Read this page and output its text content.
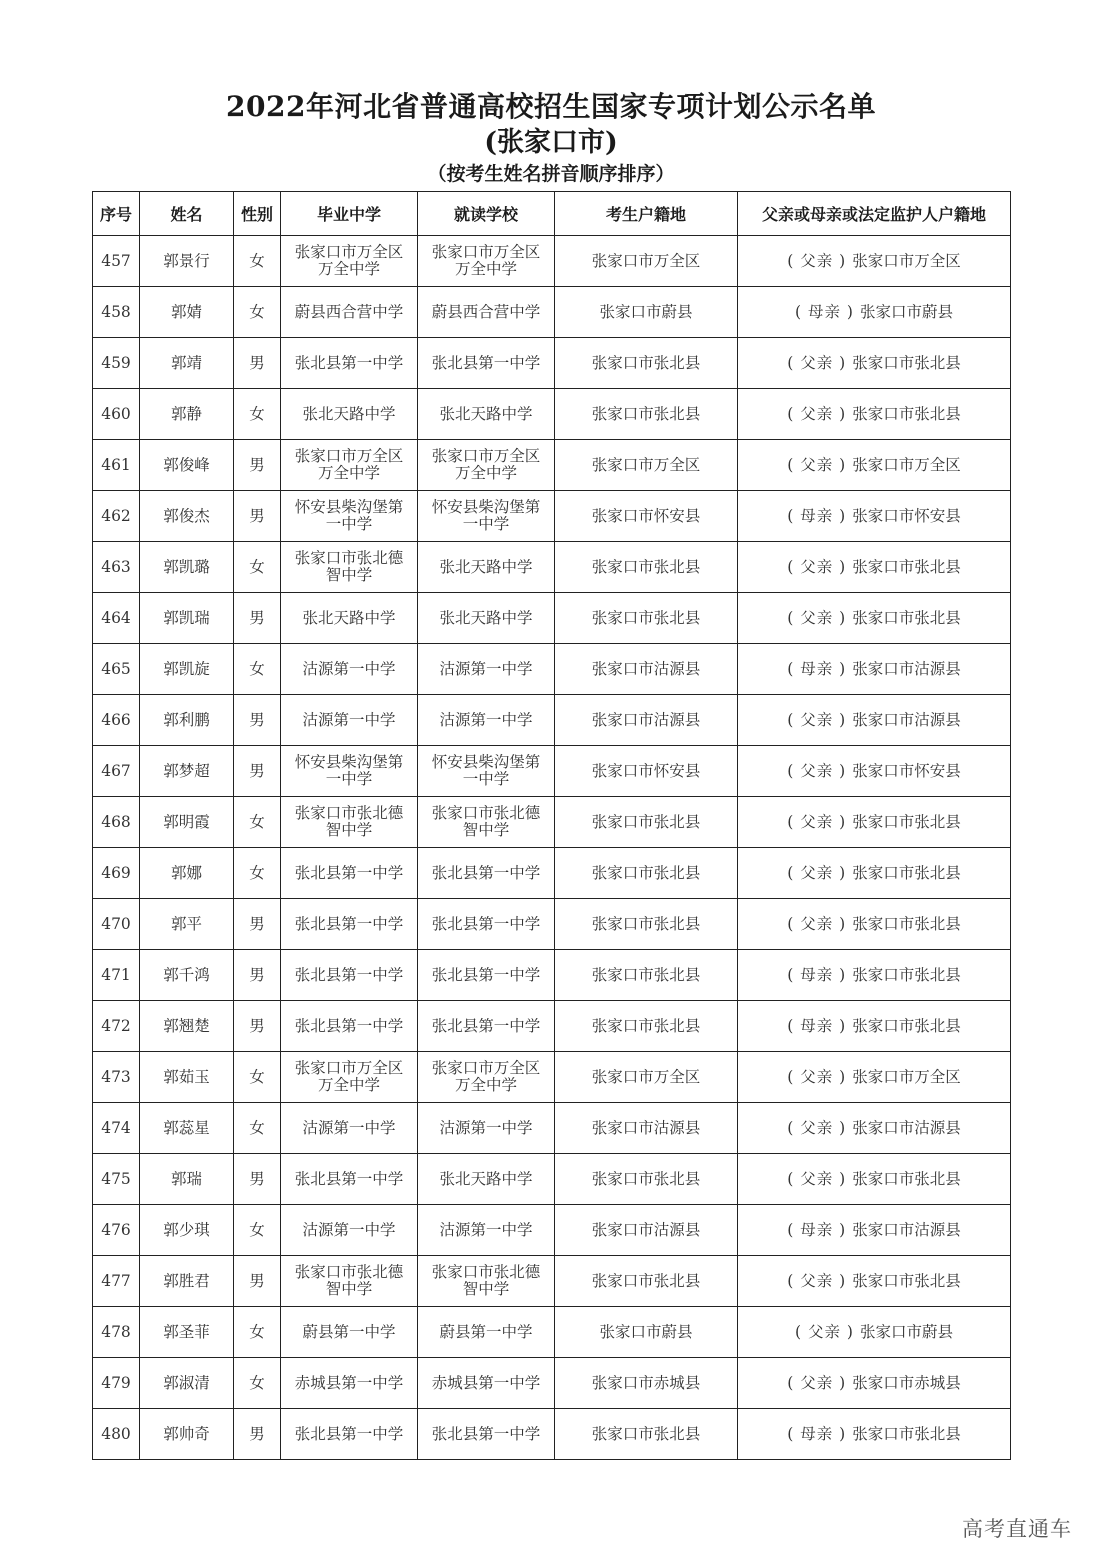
2022年河北省普通高校招生国家专项计划公示名单
(张家口市)
（按考生姓名拼音顺序排序）
序号	姓名	性别	毕业中学	就读学校	考生户籍地	父亲或母亲或法定监护人户籍地
457	郭景行	女	张家口市万全区万全中学	张家口市万全区万全中学	张家口市万全区	( 父亲 ) 张家口市万全区
458	郭婧	女	蔚县西合营中学	蔚县西合营中学	张家口市蔚县	( 母亲 ) 张家口市蔚县
459	郭靖	男	张北县第一中学	张北县第一中学	张家口市张北县	( 父亲 ) 张家口市张北县
460	郭静	女	张北天路中学	张北天路中学	张家口市张北县	( 父亲 ) 张家口市张北县
461	郭俊峰	男	张家口市万全区万全中学	张家口市万全区万全中学	张家口市万全区	( 父亲 ) 张家口市万全区
462	郭俊杰	男	怀安县柴沟堡第一中学	怀安县柴沟堡第一中学	张家口市怀安县	( 母亲 ) 张家口市怀安县
463	郭凯璐	女	张家口市张北德智中学	张北天路中学	张家口市张北县	( 父亲 ) 张家口市张北县
464	郭凯瑞	男	张北天路中学	张北天路中学	张家口市张北县	( 父亲 ) 张家口市张北县
465	郭凯旋	女	沽源第一中学	沽源第一中学	张家口市沽源县	( 母亲 ) 张家口市沽源县
466	郭利鹏	男	沽源第一中学	沽源第一中学	张家口市沽源县	( 父亲 ) 张家口市沽源县
467	郭梦超	男	怀安县柴沟堡第一中学	怀安县柴沟堡第一中学	张家口市怀安县	( 父亲 ) 张家口市怀安县
468	郭明霞	女	张家口市张北德智中学	张家口市张北德智中学	张家口市张北县	( 父亲 ) 张家口市张北县
469	郭娜	女	张北县第一中学	张北县第一中学	张家口市张北县	( 父亲 ) 张家口市张北县
470	郭平	男	张北县第一中学	张北县第一中学	张家口市张北县	( 父亲 ) 张家口市张北县
471	郭千鸿	男	张北县第一中学	张北县第一中学	张家口市张北县	( 母亲 ) 张家口市张北县
472	郭翘楚	男	张北县第一中学	张北县第一中学	张家口市张北县	( 母亲 ) 张家口市张北县
473	郭茹玉	女	张家口市万全区万全中学	张家口市万全区万全中学	张家口市万全区	( 父亲 ) 张家口市万全区
474	郭蕊星	女	沽源第一中学	沽源第一中学	张家口市沽源县	( 父亲 ) 张家口市沽源县
475	郭瑞	男	张北县第一中学	张北天路中学	张家口市张北县	( 父亲 ) 张家口市张北县
476	郭少琪	女	沽源第一中学	沽源第一中学	张家口市沽源县	( 母亲 ) 张家口市沽源县
477	郭胜君	男	张家口市张北德智中学	张家口市张北德智中学	张家口市张北县	( 父亲 ) 张家口市张北县
478	郭圣菲	女	蔚县第一中学	蔚县第一中学	张家口市蔚县	( 父亲 ) 张家口市蔚县
479	郭淑清	女	赤城县第一中学	赤城县第一中学	张家口市赤城县	( 父亲 ) 张家口市赤城县
480	郭帅奇	男	张北县第一中学	张北县第一中学	张家口市张北县	( 母亲 ) 张家口市张北县
高考直通车
